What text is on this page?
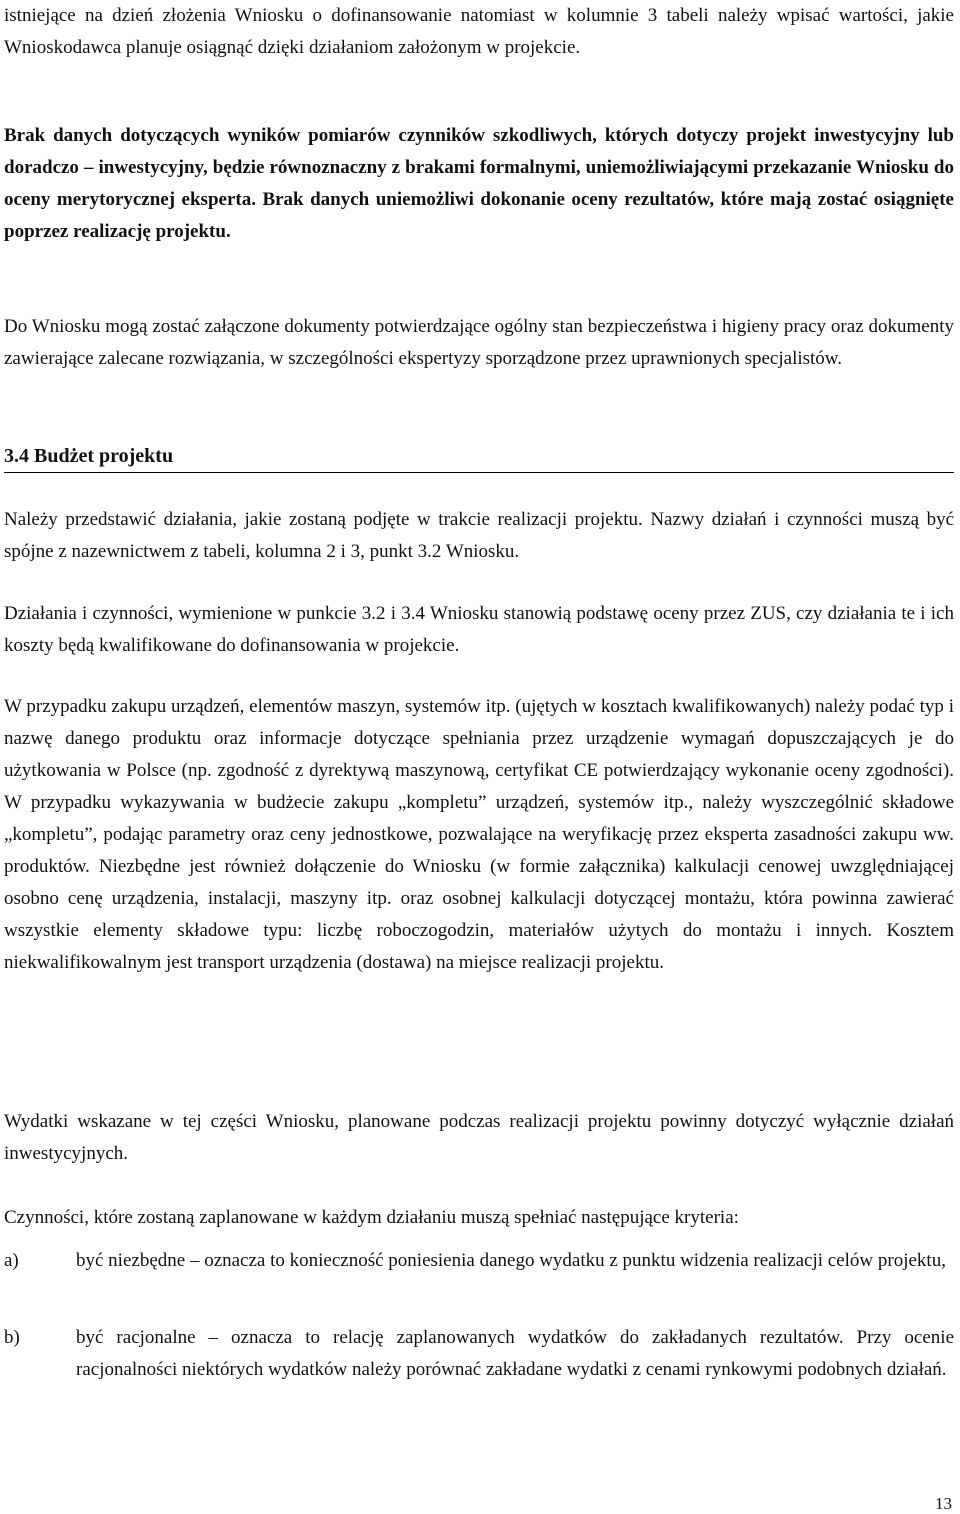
istniejące na dzień złożenia Wniosku o dofinansowanie natomiast w kolumnie 3 tabeli należy wpisać wartości, jakie Wnioskodawca planuje osiągnąć dzięki działaniom założonym w projekcie.

Brak danych dotyczących wyników pomiarów czynników szkodliwych, których dotyczy projekt inwestycyjny lub doradczo – inwestycyjny, będzie równoznaczny z brakami formalnymi, uniemożliwiającymi przekazanie Wniosku do oceny merytorycznej eksperta. Brak danych uniemożliwi dokonanie oceny rezultatów, które mają zostać osiągnięte poprzez realizację projektu.

Do Wniosku mogą zostać załączone dokumenty potwierdzające ogólny stan bezpieczeństwa i higieny pracy oraz dokumenty zawierające zalecane rozwiązania, w szczególności ekspertyzy sporządzone przez uprawnionych specjalistów.

3.4 Budżet projektu

Należy przedstawić działania, jakie zostaną podjęte w trakcie realizacji projektu. Nazwy działań i czynności muszą być spójne z nazewnictwem z tabeli, kolumna 2 i 3, punkt 3.2 Wniosku.

Działania i czynności, wymienione w punkcie 3.2 i 3.4 Wniosku stanowią podstawę oceny przez ZUS, czy działania te i ich koszty będą kwalifikowane do dofinansowania w projekcie.

W przypadku zakupu urządzeń, elementów maszyn, systemów itp. (ujętych w kosztach kwalifikowanych) należy podać typ i nazwę danego produktu oraz informacje dotyczące spełniania przez urządzenie wymagań dopuszczających je do użytkowania w Polsce (np. zgodność z dyrektywą maszynową, certyfikat CE potwierdzający wykonanie oceny zgodności). W przypadku wykazywania w budżecie zakupu „kompletu” urządzeń, systemów itp., należy wyszczególnić składowe „kompletu”, podając parametry oraz ceny jednostkowe, pozwalające na weryfikację przez eksperta zasadności zakupu ww. produktów. Niezbędne jest również dołączenie do Wniosku (w formie załącznika) kalkulacji cenowej uwzględniającej osobno cenę urządzenia, instalacji, maszyny itp. oraz osobnej kalkulacji dotyczącej montażu, która powinna zawierać wszystkie elementy składowe typu: liczbę roboczogodzin, materiałów użytych do montażu i innych. Kosztem niekwalifikowalnym jest transport urządzenia (dostawa) na miejsce realizacji projektu.

Wydatki wskazane w tej części Wniosku, planowane podczas realizacji projektu powinny dotyczyć wyłącznie działań inwestycyjnych.

Czynności, które zostaną zaplanowane w każdym działaniu muszą spełniać następujące kryteria:

a)	być niezbędne – oznacza to konieczność poniesienia danego wydatku z punktu widzenia realizacji celów projektu,

b)	być racjonalne – oznacza to relację zaplanowanych wydatków do zakładanych rezultatów. Przy ocenie racjonalności niektórych wydatków należy porównać zakładane wydatki z cenami rynkowymi podobnych działań.

13
